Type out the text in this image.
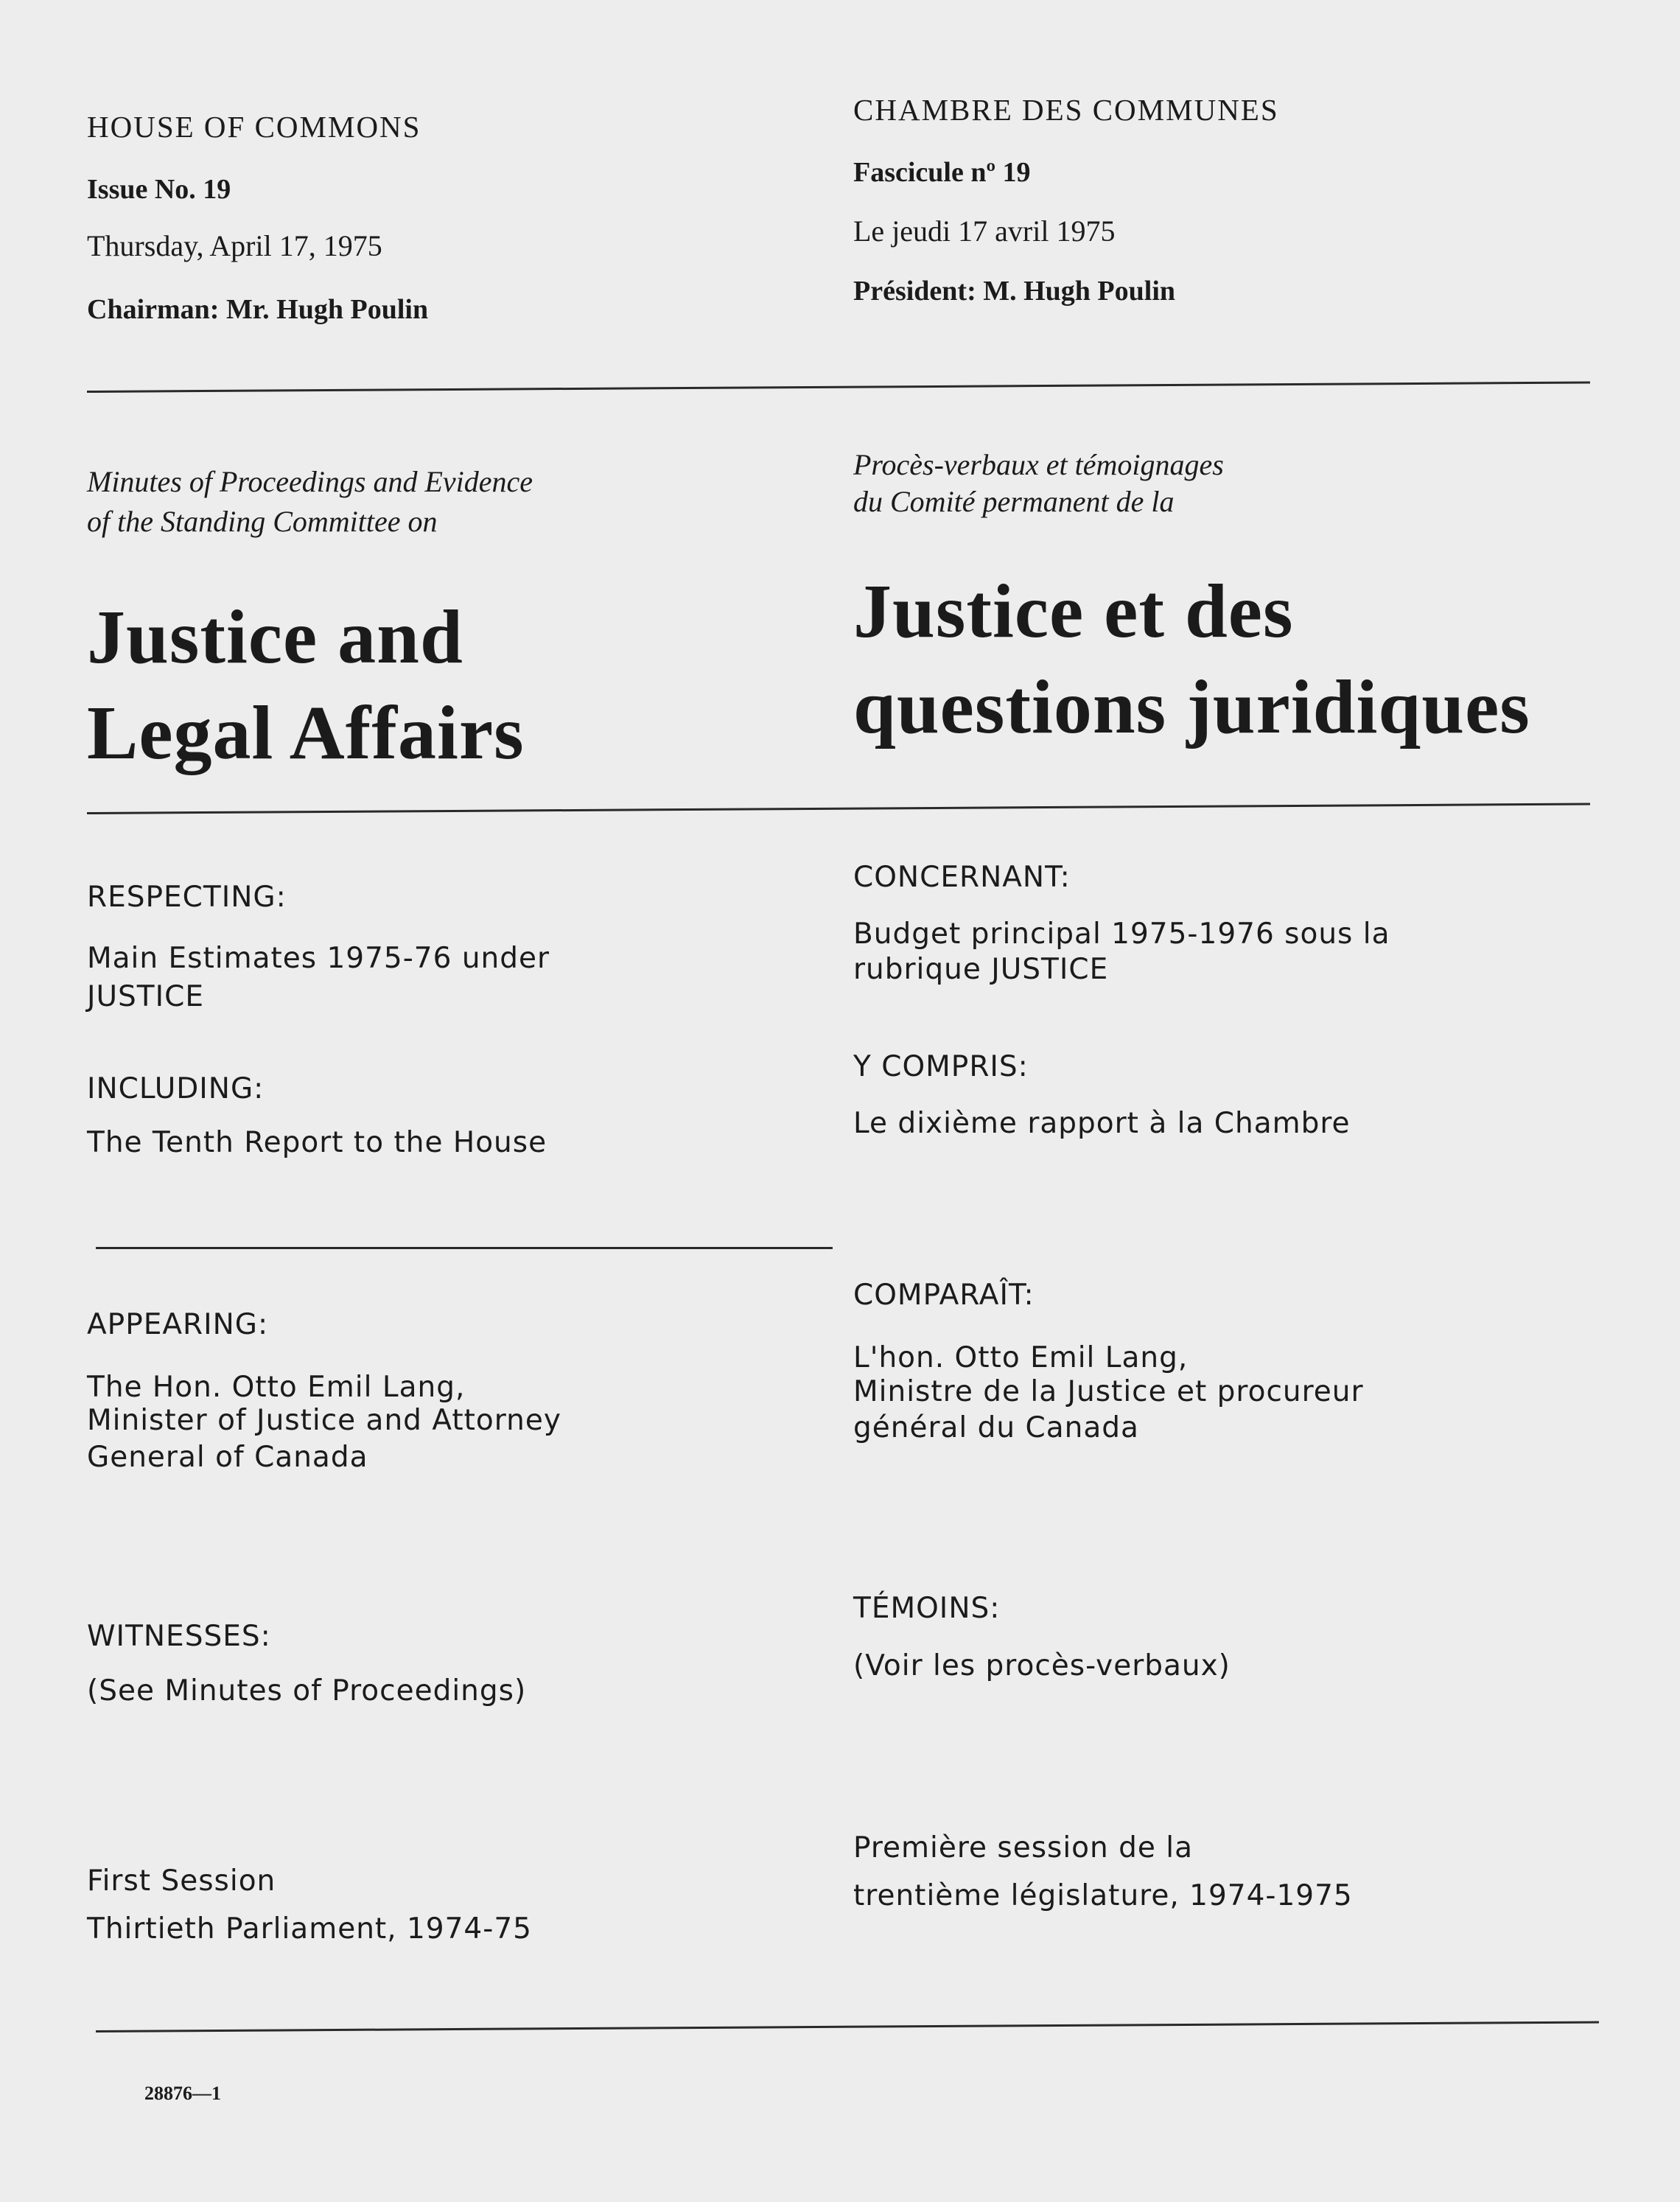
HOUSE OF COMMONS

Issue No. 19

Thursday, April 17, 1975

Chairman: Mr. Hugh Poulin

Minutes of Proceedings and Evidence

of the Standing Committee on

Justice and

Legal Affairs

RESPECTING:

Main Estimates 1975-76 under

JUSTICE

INCLUDING:

The Tenth Report to the House

APPEARING:

The Hon. Otto Emil Lang,

Minister of Justice and Attorney

General of Canada

WITNESSES:

(See Minutes of Proceedings)

First Session

Thirtieth Parliament, 1974-75

28876—1

CHAMBRE DES COMMUNES

Fascicule nº 19

Le jeudi 17 avril 1975

Président: M. Hugh Poulin

Procès-verbaux et témoignages

du Comité permanent de la

Justice et des

questions juridiques

CONCERNANT:

Budget principal 1975-1976 sous la

rubrique JUSTICE

Y COMPRIS:

Le dixième rapport à la Chambre

COMPARAÎT:

L'hon. Otto Emil Lang,

Ministre de la Justice et procureur

général du Canada

TÉMOINS:

(Voir les procès-verbaux)

Première session de la

trentième législature, 1974-1975
